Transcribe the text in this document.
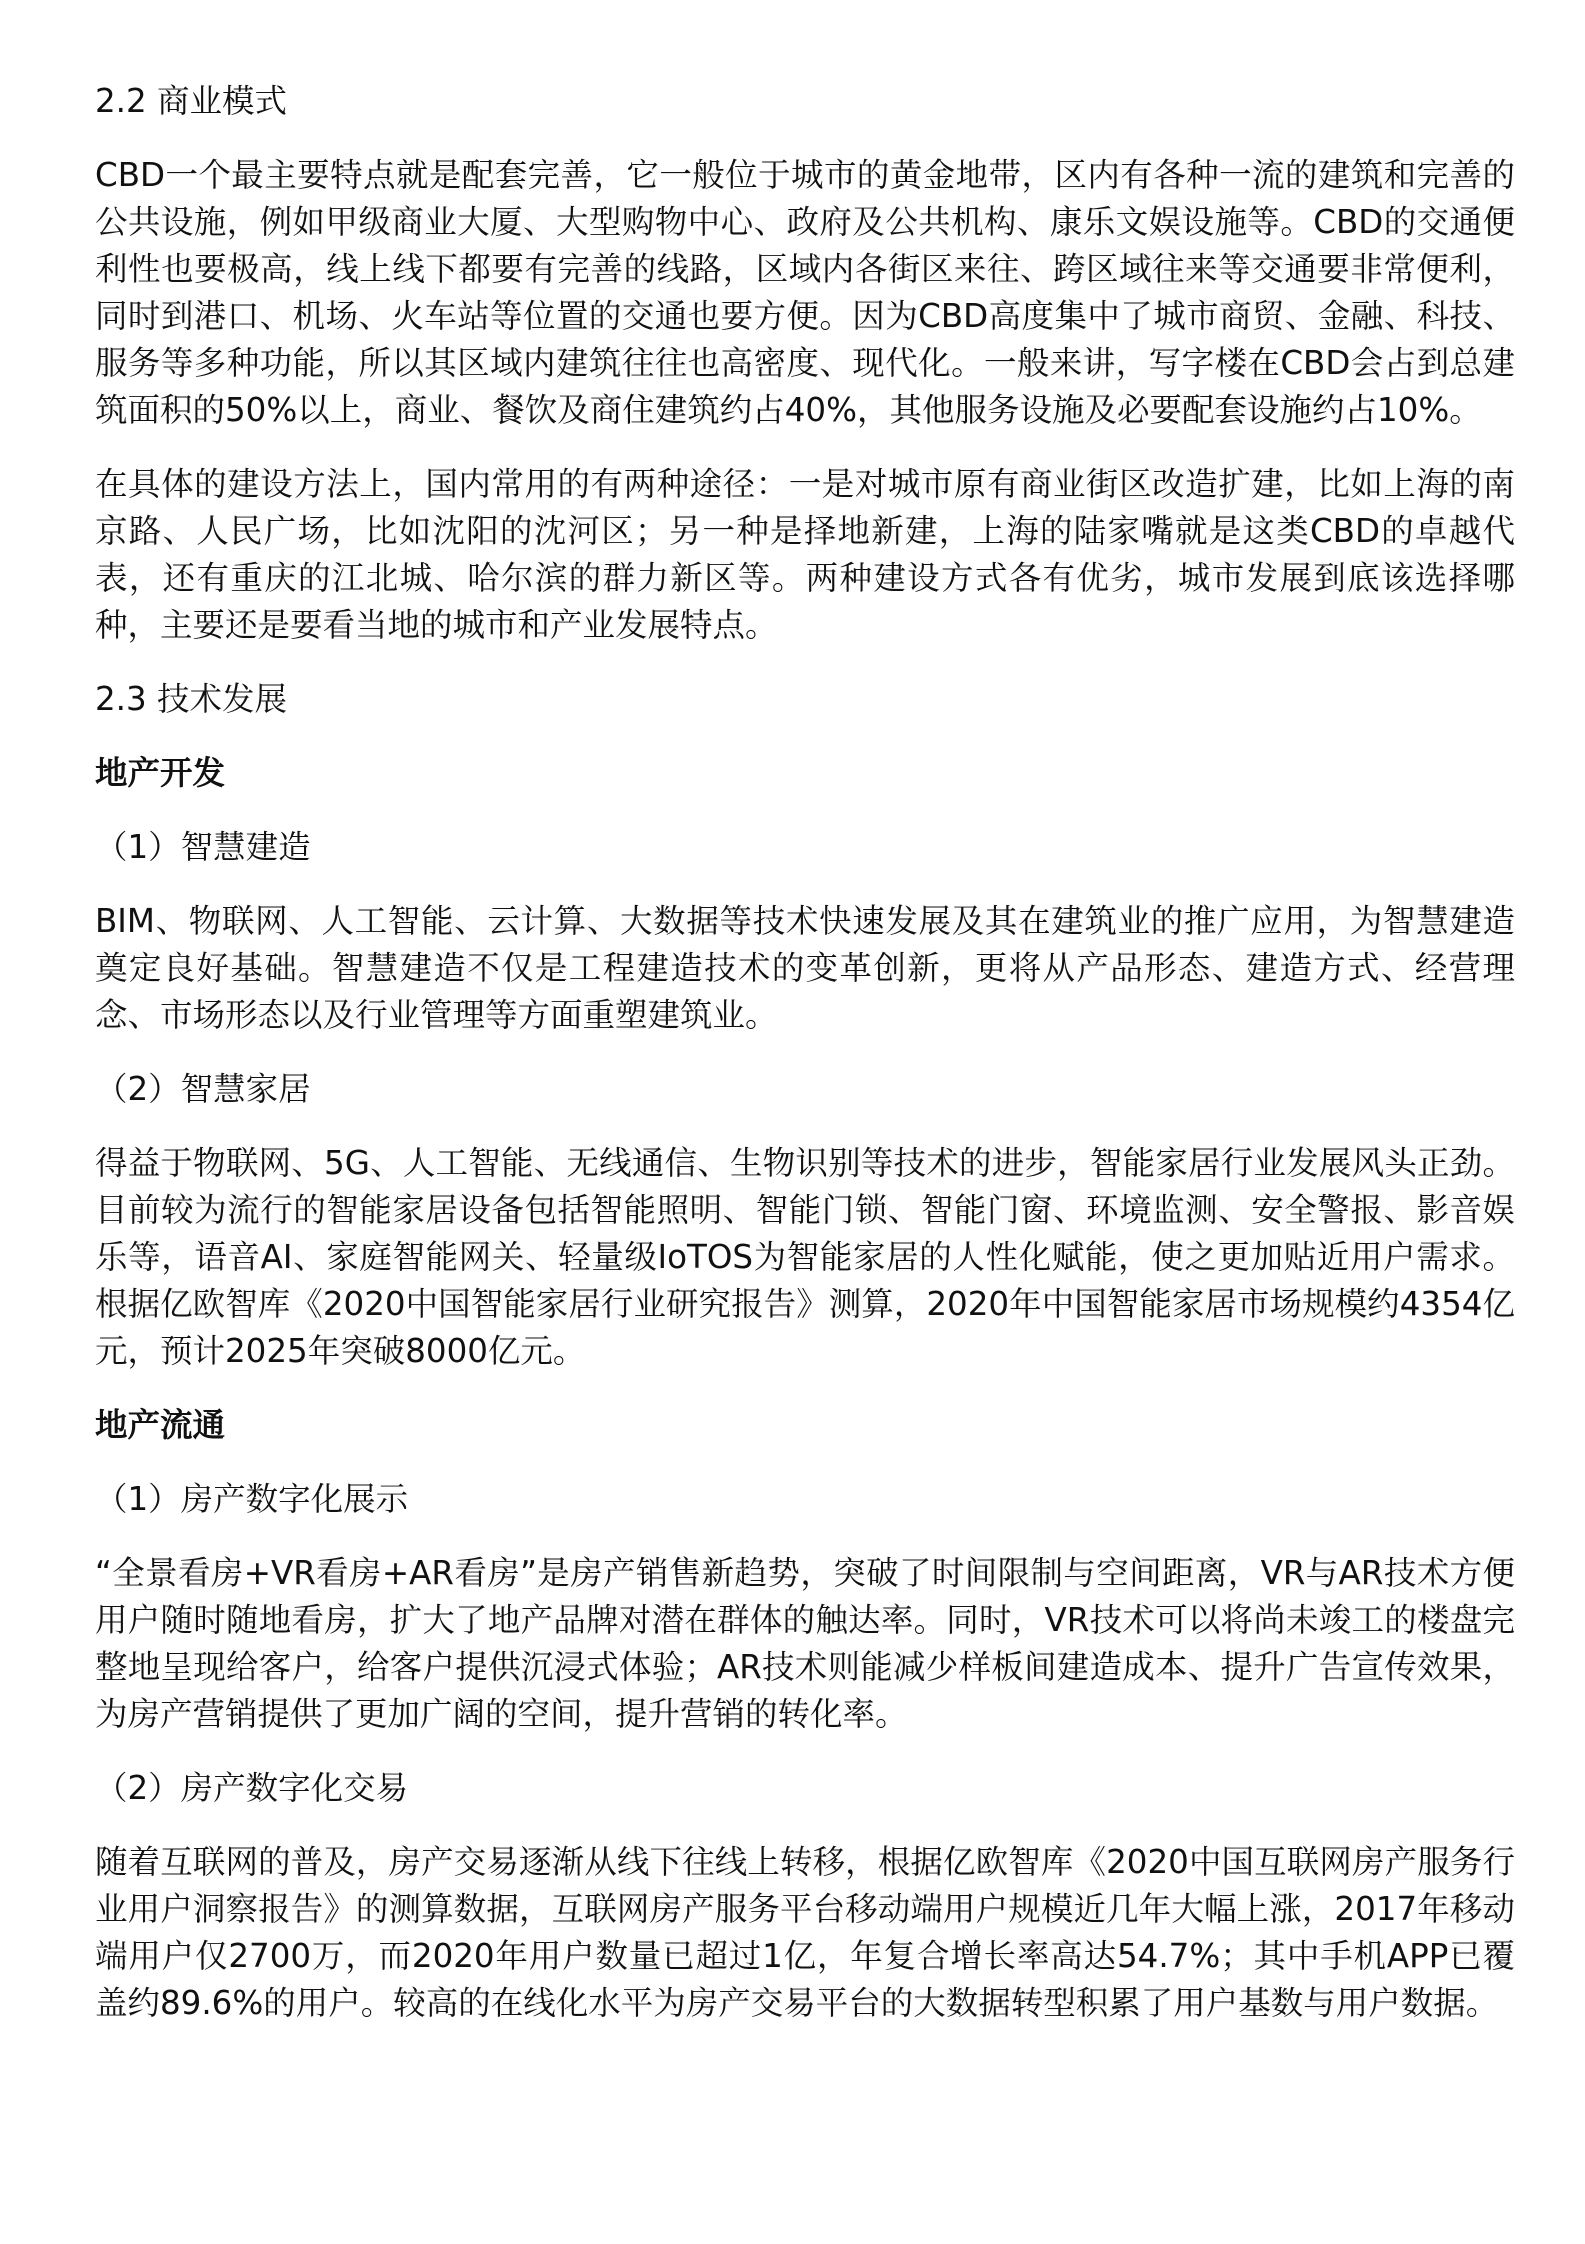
2.2 商业模式

CBD一个最主要特点就是配套完善，它一般位于城市的黄金地带，区内有各种一流的建筑和完善的公共设施，例如甲级商业大厦、大型购物中心、政府及公共机构、康乐文娱设施等。CBD的交通便利性也要极高，线上线下都要有完善的线路，区域内各街区来往、跨区域往来等交通要非常便利，同时到港口、机场、火车站等位置的交通也要方便。因为CBD高度集中了城市商贸、金融、科技、服务等多种功能，所以其区域内建筑往往也高密度、现代化。一般来讲，写字楼在CBD会占到总建筑面积的50%以上，商业、餐饮及商住建筑约占40%，其他服务设施及必要配套设施约占10%。

在具体的建设方法上，国内常用的有两种途径：一是对城市原有商业街区改造扩建，比如上海的南京路、人民广场，比如沈阳的沈河区；另一种是择地新建，上海的陆家嘴就是这类CBD的卓越代表，还有重庆的江北城、哈尔滨的群力新区等。两种建设方式各有优劣，城市发展到底该选择哪种，主要还是要看当地的城市和产业发展特点。

2.3 技术发展
地产开发
（1）智慧建造

BIM、物联网、人工智能、云计算、大数据等技术快速发展及其在建筑业的推广应用，为智慧建造奠定良好基础。智慧建造不仅是工程建造技术的变革创新，更将从产品形态、建造方式、经营理念、市场形态以及行业管理等方面重塑建筑业。

（2）智慧家居

得益于物联网、5G、人工智能、无线通信、生物识别等技术的进步，智能家居行业发展风头正劲。目前较为流行的智能家居设备包括智能照明、智能门锁、智能门窗、环境监测、安全警报、影音娱乐等，语音AI、家庭智能网关、轻量级IoTOS为智能家居的人性化赋能，使之更加贴近用户需求。根据亿欧智库《2020中国智能家居行业研究报告》测算，2020年中国智能家居市场规模约4354亿元，预计2025年突破8000亿元。

地产流通
（1）房产数字化展示

“全景看房+VR看房+AR看房”是房产销售新趋势，突破了时间限制与空间距离，VR与AR技术方便用户随时随地看房，扩大了地产品牌对潜在群体的触达率。同时，VR技术可以将尚未竣工的楼盘完整地呈现给客户，给客户提供沉浸式体验；AR技术则能减少样板间建造成本、提升广告宣传效果，为房产营销提供了更加广阔的空间，提升营销的转化率。

（2）房产数字化交易

随着互联网的普及，房产交易逐渐从线下往线上转移，根据亿欧智库《2020中国互联网房产服务行业用户洞察报告》的测算数据，互联网房产服务平台移动端用户规模近几年大幅上涨，2017年移动端用户仅2700万，而2020年用户数量已超过1亿，年复合增长率高达54.7%；其中手机APP已覆盖约89.6%的用户。较高的在线化水平为房产交易平台的大数据转型积累了用户基数与用户数据。
